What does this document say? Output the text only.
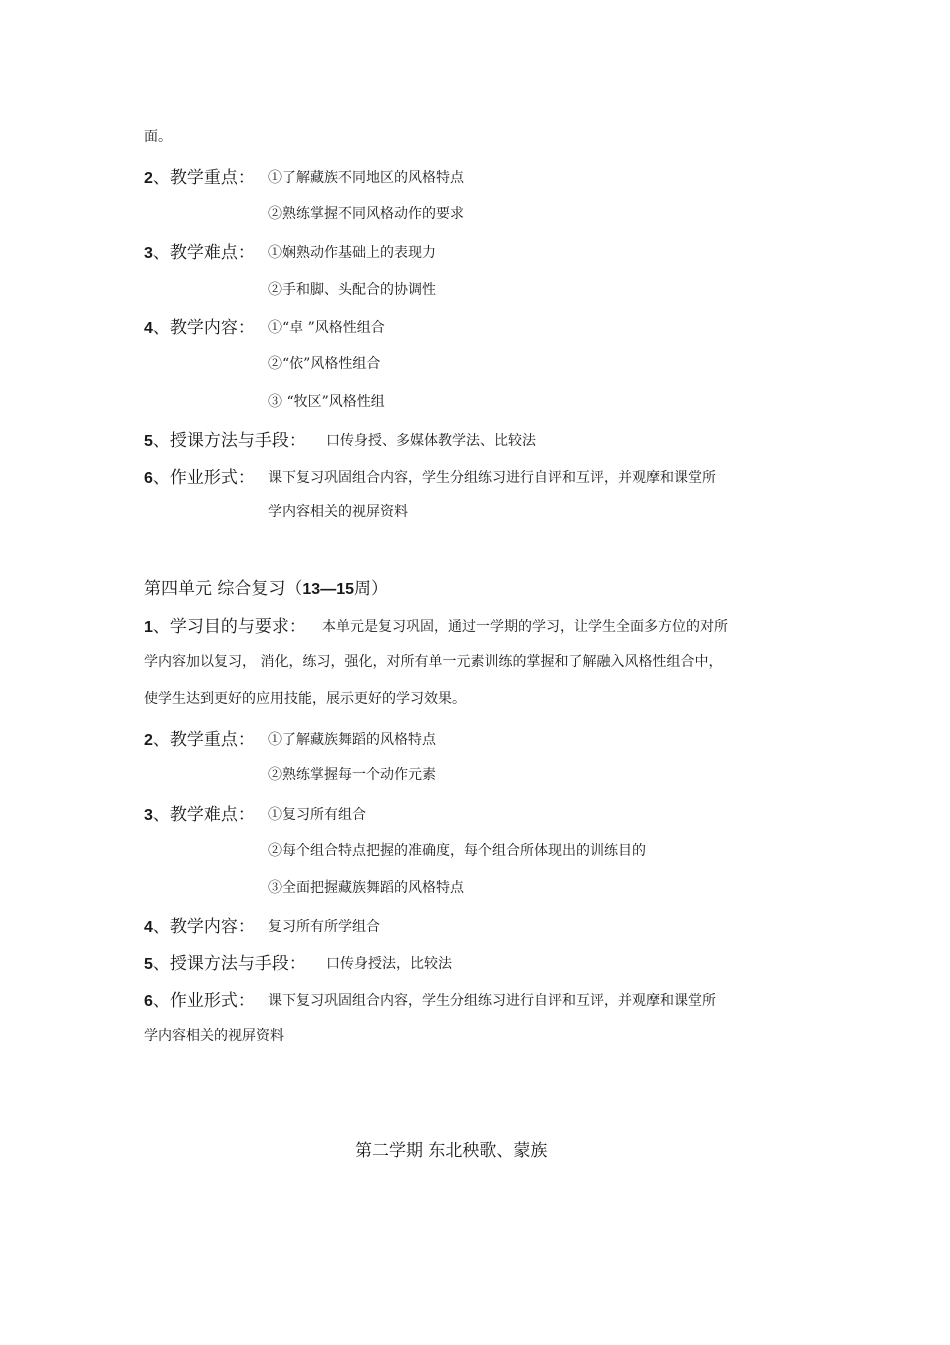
面。
2、教学重点： ①了解藏族不同地区的风格特点
②熟练掌握不同风格动作的要求
3、教学难点： ①娴熟动作基础上的表现力
②手和脚、头配合的协调性
4、教学内容： ①“卓 ”风格性组合
②“依”风格性组合
③ “牧区”风格性组
5、授课方法与手段： 口传身授、多媒体教学法、比较法
6、作业形式： 课下复习巩固组合内容，学生分组练习进行自评和互评，并观摩和课堂所
学内容相关的视屏资料
第四单元 综合复习（13—15周）
1、学习目的与要求： 本单元是复习巩固，通过一学期的学习，让学生全面多方位的对所
学内容加以复习， 消化，练习，强化，对所有单一元素训练的掌握和了解融入风格性组合中，
使学生达到更好的应用技能，展示更好的学习效果。
2、教学重点： ①了解藏族舞蹈的风格特点
②熟练掌握每一个动作元素
3、教学难点： ①复习所有组合
②每个组合特点把握的准确度，每个组合所体现出的训练目的
③全面把握藏族舞蹈的风格特点
4、教学内容： 复习所有所学组合
5、授课方法与手段： 口传身授法，比较法
6、作业形式： 课下复习巩固组合内容，学生分组练习进行自评和互评，并观摩和课堂所
学内容相关的视屏资料
第二学期 东北秧歌、蒙族
